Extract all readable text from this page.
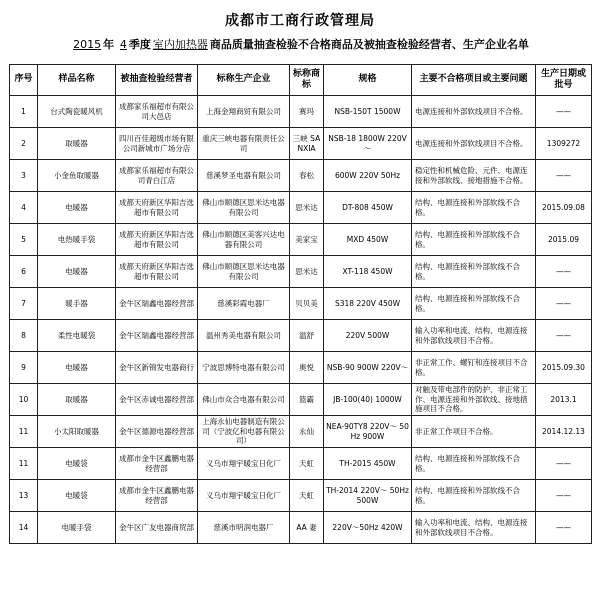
成都市工商行政管理局
2015 年 4 季度 室内加热器 商品质量抽查检验不合格商品及被抽查检验经营者、生产企业名单
序号	样品名称	被抽查检验经营者	标称生产企业	标称商标	规格	主要不合格项目或主要问题	生产日期或批号
1	台式陶瓷暖风机	成都家乐福超市有限公司大邑店	上海金翔商贸有限公司	赛玛	NSB-150T 1500W	电源连接和外部软线项目不合格。	——
2	取暖器	四川百佳超级市场有限公司新城市广场分店	重庆三峡电器有限责任公司	三峡 SANXIA	NSB-18 1800W 220V～	电源连接和外部软线项目不合格。	1309272
3	小金鱼取暖器	成都家乐福超市有限公司青白江店	慈溪梦圣电器有限公司	春松	600W 220V 50Hz	稳定性和机械危险、元件、电源连接和外部软线、接地措施不合格。	——
4	电暖器	成都天府新区华阳吉选超市有限公司	佛山市顺德区思米达电器有限公司	思米达	DT-808 450W	结构、电源连接和外部软线不合格。	2015.09.08
5	电热暖手袋	成都天府新区华阳吉选超市有限公司	佛山市顺德区美客兴达电器有限公司	美家宝	MXD 450W	结构、电源连接和外部软线不合格。	2015.09
6	电暖器	成都天府新区华阳吉选超市有限公司	佛山市顺德区思米达电器有限公司	思米达	XT-118 450W	结构、电源连接和外部软线不合格。	——
7	暖手器	金牛区瑞鑫电器经营部	慈溪彩霞电器厂	贝贝美	S318 220V 450W	结构、电源连接和外部软线不合格。	——
8	柔性电暖袋	金牛区瑞鑫电器经营部	温州秀美电器有限公司	温舒	220V 500W	输入功率和电流、结构、电源连接和外部软线项目不合格。	——
9	电暖器	金牛区新锦发电器商行	宁波思博特电器有限公司	奥悦	NSB-90 900W 220V～	非正常工作、螺钉和连接项目不合格。	2015.09.30
10	取暖器	金牛区赤诚电器经营部	佛山市众合电器有限公司	篮霸	JB-100(40) 1000W	对触及带电部件的防护、非正常工作、电源连接和外部软线、接地措施项目不合格。	2013.1
11	小太阳取暖器	金牛区德源电器经营部	上海永仙电器制造有限公司（宁波亿和电器有限公司）	永仙	NEA-90TY8 220V～ 50Hz 900W	非正常工作项目不合格。	2014.12.13
11	电暖袋	成都市金牛区鑫鹏电器经营部	义乌市翔宇暖宝日化厂	天虹	TH-2015 450W	结构、电源连接和外部软线不合格。	——
13	电暖袋	成都市金牛区鑫鹏电器经营部	义乌市翔宇暖宝日化厂	天虹	TH-2014 220V～ 50Hz 500W	结构、电源连接和外部软线不合格。	——
14	电暖手袋	金牛区广友电器商贸部	慈溪市明润电器厂	AA 妻	220V～50Hz 420W	输入功率和电流、结构、电源连接和外部软线项目不合格。	——
